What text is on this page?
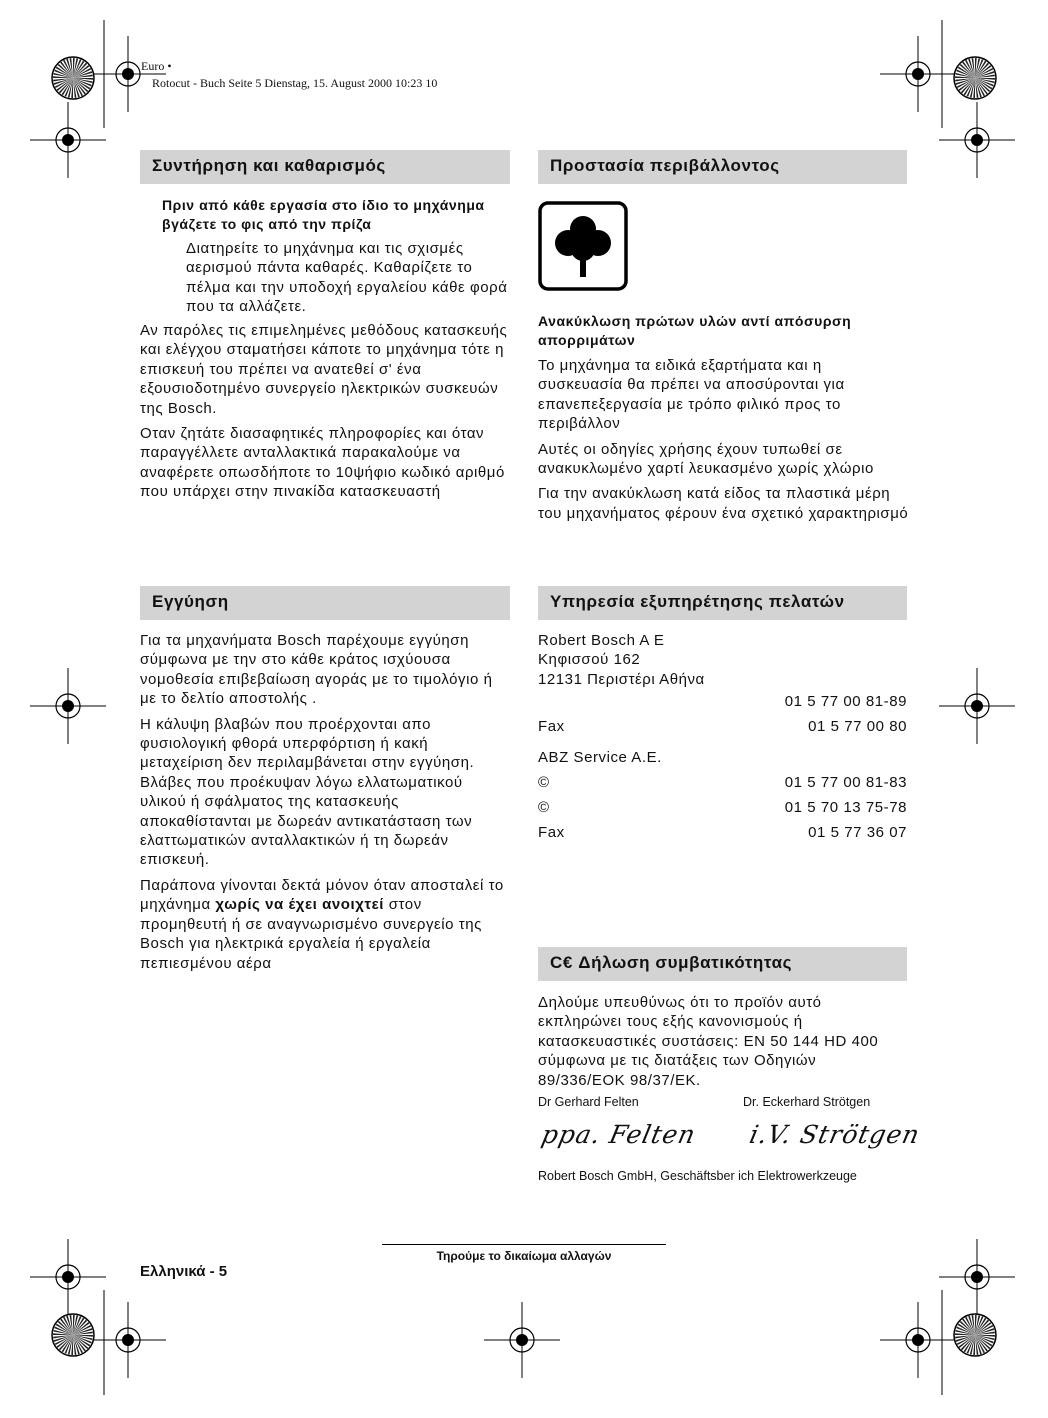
Euro •
Rotocut - Buch Seite 5 Dienstag, 15. August 2000 10:23 10
Συντήρηση και καθαρισμός
Πριν από κάθε εργασία στο ίδιο το μηχάνημα βγάζετε το φις από την πρίζα
Διατηρείτε το μηχάνημα και τις σχισμές αερισμού πάντα καθαρές. Καθαρίζετε το πέλμα και την υποδοχή εργαλείου κάθε φορά που τα αλλάζετε.

Αν παρόλες τις επιμελημένες μεθόδους κατασκευής και ελέγχου σταματήσει κάποτε το μηχάνημα τότε η επισκευή του πρέπει να ανατεθεί σ' ένα εξουσιοδοτημένο συνεργείο ηλεκτρικών συσκευών της Bosch.

Οταν ζητάτε διασαφητικές πληροφορίες και όταν παραγγέλλετε ανταλλακτικά παρακαλούμε να αναφέρετε οπωσδήποτε το 10ψήφιο κωδικό αριθμό που υπάρχει στην πινακίδα κατασκευαστή

Προστασία περιβάλλοντος
Ανακύκλωση πρώτων υλών αντί απόσυρση απορριμάτων

Το μηχάνημα τα ειδικά εξαρτήματα και η συσκευασία θα πρέπει να αποσύρονται για επανεπεξεργασία με τρόπο φιλικό προς το περιβάλλον

Αυτές οι οδηγίες χρήσης έχουν τυπωθεί σε ανακυκλωμένο χαρτί λευκασμένο χωρίς χλώριο

Για την ανακύκλωση κατά είδος τα πλαστικά μέρη του μηχανήματος φέρουν ένα σχετικό χαρακτηρισμό

Εγγύηση

Για τα μηχανήματα Bosch παρέχουμε εγγύηση σύμφωνα με την στο κάθε κράτος ισχύουσα νομοθεσία επιβεβαίωση αγοράς με το τιμολόγιο ή με το δελτίο αποστολής .

Η κάλυψη βλαβών που προέρχονται απο φυσιολογική φθορά υπερφόρτιση ή κακή μεταχείριση δεν περιλαμβάνεται στην εγγύηση. Βλάβες που προέκυψαν λόγω ελλατωματικού υλικού ή σφάλματος της κατασκευής αποκαθίστανται με δωρεάν αντικατάσταση των ελαττωματικών ανταλλακτικών ή τη δωρεάν επισκευή.

Παράπονα γίνονται δεκτά μόνον όταν αποσταλεί το μηχάνημα χωρίς να έχει ανοιχτεί στον προμηθευτή ή σε αναγνωρισμένο συνεργείο της Bosch για ηλεκτρικά εργαλεία ή εργαλεία πεπιεσμένου αέρα

Υπηρεσία εξυπηρέτησης πελατών
Robert Bosch A E
Κηφισσού 162
12131 Περιστέρι Αθήνα
01 5 77 00 81-89
Fax	01 5 77 00 80
ABZ Service A.E.
©	01 5 77 00 81-83
©	01 5 70 13 75-78
Fax	01 5 77 36 07
C€ Δήλωση συμβατικότητας
Δηλούμε υπευθύνως ότι το προϊόν αυτό εκπληρώνει τους εξής κανονισμούς ή κατασκευαστικές συστάσεις: EN 50 144 HD 400 σύμφωνα με τις διατάξεις των Οδηγιών 89/336/EOK 98/37/EK.
Dr Gerhard Felten	Dr. Eckerhard Strötgen
ppa. Felten i.V. Strötgen
Robert Bosch GmbH, Geschäftsber ich Elektrowerkzeuge
Τηρούμε το δικαίωμα αλλαγών
Ελληνικά - 5
